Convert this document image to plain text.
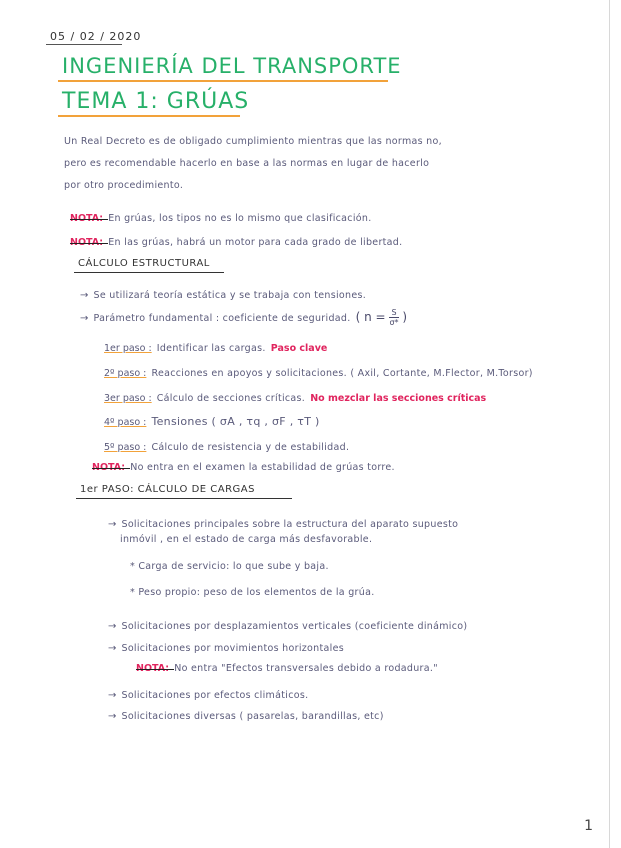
05 / 02 / 2020
INGENIERÍA DEL TRANSPORTE
TEMA 1: GRÚAS
Un Real Decreto es de obligado cumplimiento mientras que las normas no,
pero es recomendable hacerlo en base a las normas en lugar de hacerlo
por otro procedimiento.
NOTA: En grúas, los tipos no es lo mismo que clasificación.
NOTA: En las grúas, habrá un motor para cada grado de libertad.
CÁLCULO ESTRUCTURAL
→ Se utilizará teoría estática y se trabaja con tensiones.
→ Parámetro fundamental : coeficiente de seguridad. ( $n = \frac{S}{\sigma*}$ )
1er paso : Identificar las cargas. Paso clave
2º paso : Reacciones en apoyos y solicitaciones. ( Axil, Cortante, M.Flector, M.Torsor)
3er paso : Cálculo de secciones críticas. No mezclar las secciones críticas
4º paso : Tensiones ( σA , τq , σF , τT )
5º paso : Cálculo de resistencia y de estabilidad.
NOTA: No entra en el examen la estabilidad de grúas torre.
1er PASO: CÁLCULO DE CARGAS
→ Solicitaciones principales sobre la estructura del aparato supuesto
inmóvil , en el estado de carga más desfavorable.
* Carga de servicio: lo que sube y baja.
* Peso propio: peso de los elementos de la grúa.
→ Solicitaciones por desplazamientos verticales (coeficiente dinámico)
→ Solicitaciones por movimientos horizontales
NOTA: No entra "Efectos transversales debido a rodadura."
→ Solicitaciones por efectos climáticos.
→ Solicitaciones diversas ( pasarelas, barandillas, etc)
1
